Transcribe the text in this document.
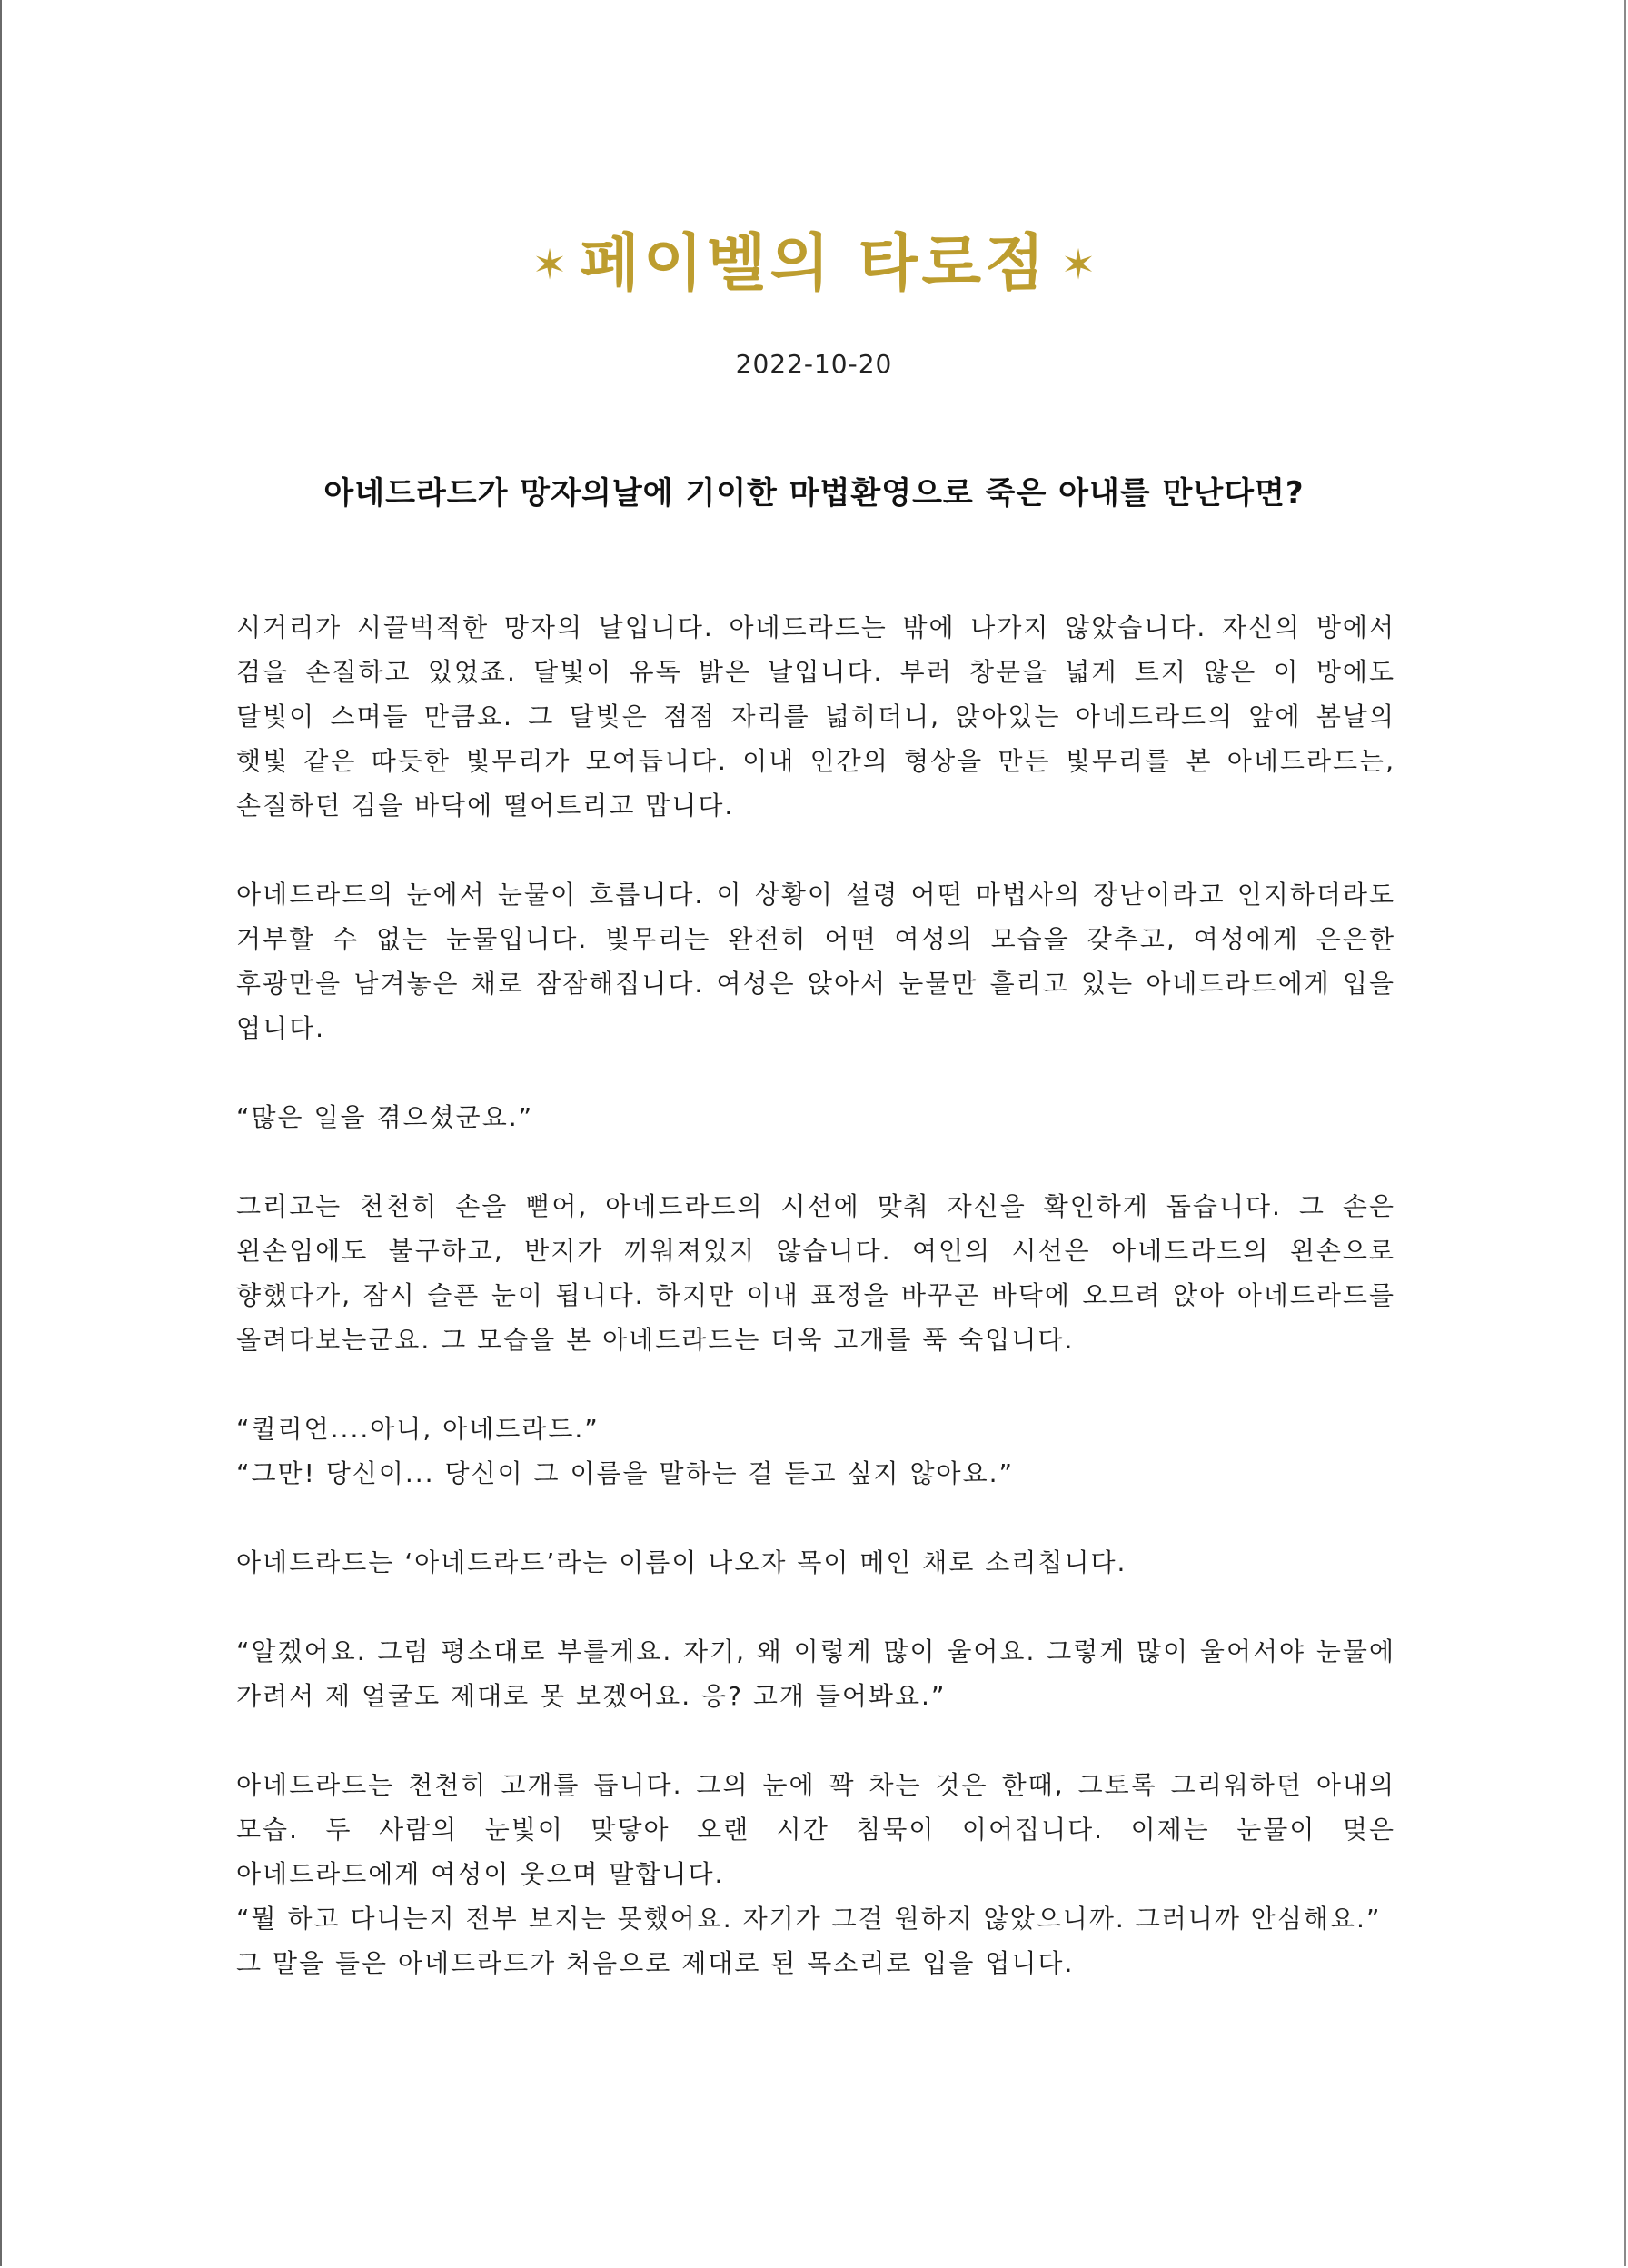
✶ 페이벨의 타로점 ✶
2022-10-20
아네드라드가 망자의날에 기이한 마법환영으로 죽은 아내를 만난다면?

시거리가 시끌벅적한 망자의 날입니다. 아네드라드는 밖에 나가지 않았습니다. 자신의 방에서 검을 손질하고 있었죠. 달빛이 유독 밝은 날입니다. 부러 창문을 넓게 트지 않은 이 방에도 달빛이 스며들 만큼요. 그 달빛은 점점 자리를 넓히더니, 앉아있는 아네드라드의 앞에 봄날의 햇빛 같은 따듯한 빛무리가 모여듭니다. 이내 인간의 형상을 만든 빛무리를 본 아네드라드는, 손질하던 검을 바닥에 떨어트리고 맙니다.

아네드라드의 눈에서 눈물이 흐릅니다. 이 상황이 설령 어떤 마법사의 장난이라고 인지하더라도 거부할 수 없는 눈물입니다. 빛무리는 완전히 어떤 여성의 모습을 갖추고, 여성에게 은은한 후광만을 남겨놓은 채로 잠잠해집니다. 여성은 앉아서 눈물만 흘리고 있는 아네드라드에게 입을 엽니다.

“많은 일을 겪으셨군요.”

그리고는 천천히 손을 뻗어, 아네드라드의 시선에 맞춰 자신을 확인하게 돕습니다. 그 손은 왼손임에도 불구하고, 반지가 끼워져있지 않습니다. 여인의 시선은 아네드라드의 왼손으로 향했다가, 잠시 슬픈 눈이 됩니다. 하지만 이내 표정을 바꾸곤 바닥에 오므려 앉아 아네드라드를 올려다보는군요. 그 모습을 본 아네드라드는 더욱 고개를 푹 숙입니다.

“퀼리언....아니, 아네드라드.”

“그만! 당신이... 당신이 그 이름을 말하는 걸 듣고 싶지 않아요.”

아네드라드는 ‘아네드라드’라는 이름이 나오자 목이 메인 채로 소리칩니다.

“알겠어요. 그럼 평소대로 부를게요. 자기, 왜 이렇게 많이 울어요. 그렇게 많이 울어서야 눈물에 가려서 제 얼굴도 제대로 못 보겠어요. 응? 고개 들어봐요.”

아네드라드는 천천히 고개를 듭니다. 그의 눈에 꽉 차는 것은 한때, 그토록 그리워하던 아내의 모습. 두 사람의 눈빛이 맞닿아 오랜 시간 침묵이 이어집니다. 이제는 눈물이 멎은 아네드라드에게 여성이 웃으며 말합니다.

“뭘 하고 다니는지 전부 보지는 못했어요. 자기가 그걸 원하지 않았으니까. 그러니까 안심해요.”

그 말을 들은 아네드라드가 처음으로 제대로 된 목소리로 입을 엽니다.
